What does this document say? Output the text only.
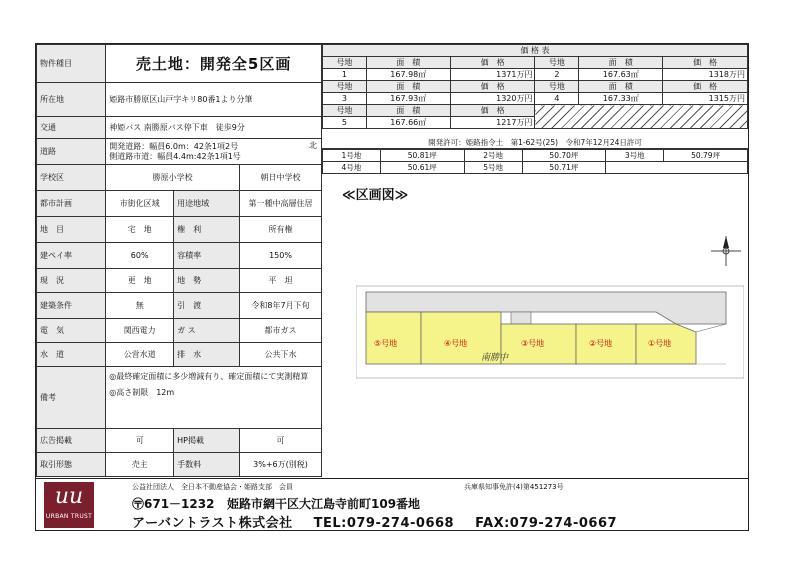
物件種目	売土地：開発全5区画		
所在地	姫路市勝原区山戸字キリ80番1より分筆		
交通	神姫バス 南勝原バス停下車　徒歩9分		
道路	開発道路：幅員6.0m：42条1項2号
側道路市道：幅員4.4m:42条1項1号
北		

学校区	勝原小学校		朝日中学校
都市計画	市街化区域	用途地域	第一種中高層住居
地　目	宅　地	権　利	所有権
建ペイ率	60%	容積率	150%
現　況	更　地	地　勢	平　坦
建築条件	無	引　渡	令和8年7月下旬
電　気	関西電力	ガ ス	都市ガス
水　道	公営水道	排　水	公共下水
備考	◎最終確定面積に多少増減有り、確定面積にて実測精算
◎高さ制限　12m		

広告掲載	可	HP掲載	可
取引形態	売主	手数料	3%+6万(別税)
価 格 表					
号地	面　積	価　格	号地	面　積	価　格
1	167.98㎡	1371万円	2	167.63㎡	1318万円
号地	面　積	価　格	号地	面　積	価　格
3	167.93㎡	1320万円	4	167.33㎡	1315万円
号地	面　積	価　格			
5	167.66㎡	1217万円			
開発許可：姫路指令土　第1-62号(25)　令和7年12月24日許可
1号地	50.81坪	2号地	50.70坪	3号地	50.79坪
4号地	50.61坪	5号地	50.71坪		
≪区画図≫
⑤号地	④号地	③号地	②号地	①号地
南勝中
uu
URBAN TRUST
公益社団法人　全日本不動産協会・姫路支部　会員	兵庫県知事免許(4)第451273号
〶671－1232 姫路市網干区大江島寺前町109番地
アーバントラスト株式会社 TEL:079-274-0668 FAX:079-274-0667
